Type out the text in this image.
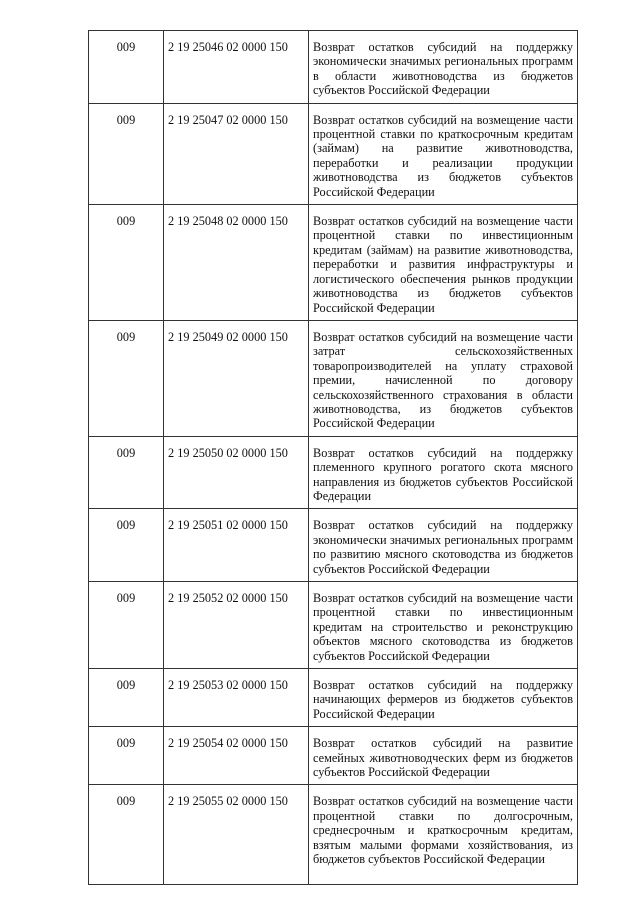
009	2 19 25046 02 0000 150	Возврат остатков субсидий на поддержку экономически значимых региональных программ в области животноводства из бюджетов субъектов Российской Федерации
009	2 19 25047 02 0000 150	Возврат остатков субсидий на возмещение части процентной ставки по краткосрочным кредитам (займам) на развитие животноводства, переработки и реализации продукции животноводства из бюджетов субъектов Российской Федерации
009	2 19 25048 02 0000 150	Возврат остатков субсидий на возмещение части процентной ставки по инвестиционным кредитам (займам) на развитие животноводства, переработки и развития инфраструктуры и логистического обеспечения рынков продукции животноводства из бюджетов субъектов Российской Федерации
009	2 19 25049 02 0000 150	Возврат остатков субсидий на возмещение части затрат сельскохозяйственных товаропроизводителей на уплату страховой премии, начисленной по договору сельскохозяйственного страхования в области животноводства, из бюджетов субъектов Российской Федерации
009	2 19 25050 02 0000 150	Возврат остатков субсидий на поддержку племенного крупного рогатого скота мясного направления из бюджетов субъектов Российской Федерации
009	2 19 25051 02 0000 150	Возврат остатков субсидий на поддержку экономически значимых региональных программ по развитию мясного скотоводства из бюджетов субъектов Российской Федерации
009	2 19 25052 02 0000 150	Возврат остатков субсидий на возмещение части процентной ставки по инвестиционным кредитам на строительство и реконструкцию объектов мясного скотоводства из бюджетов субъектов Российской Федерации
009	2 19 25053 02 0000 150	Возврат остатков субсидий на поддержку начинающих фермеров из бюджетов субъектов Российской Федерации
009	2 19 25054 02 0000 150	Возврат остатков субсидий на развитие семейных животноводческих ферм из бюджетов субъектов Российской Федерации
009	2 19 25055 02 0000 150	Возврат остатков субсидий на возмещение части процентной ставки по долгосрочным, среднесрочным и краткосрочным кредитам, взятым малыми формами хозяйствования, из бюджетов субъектов Российской Федерации
